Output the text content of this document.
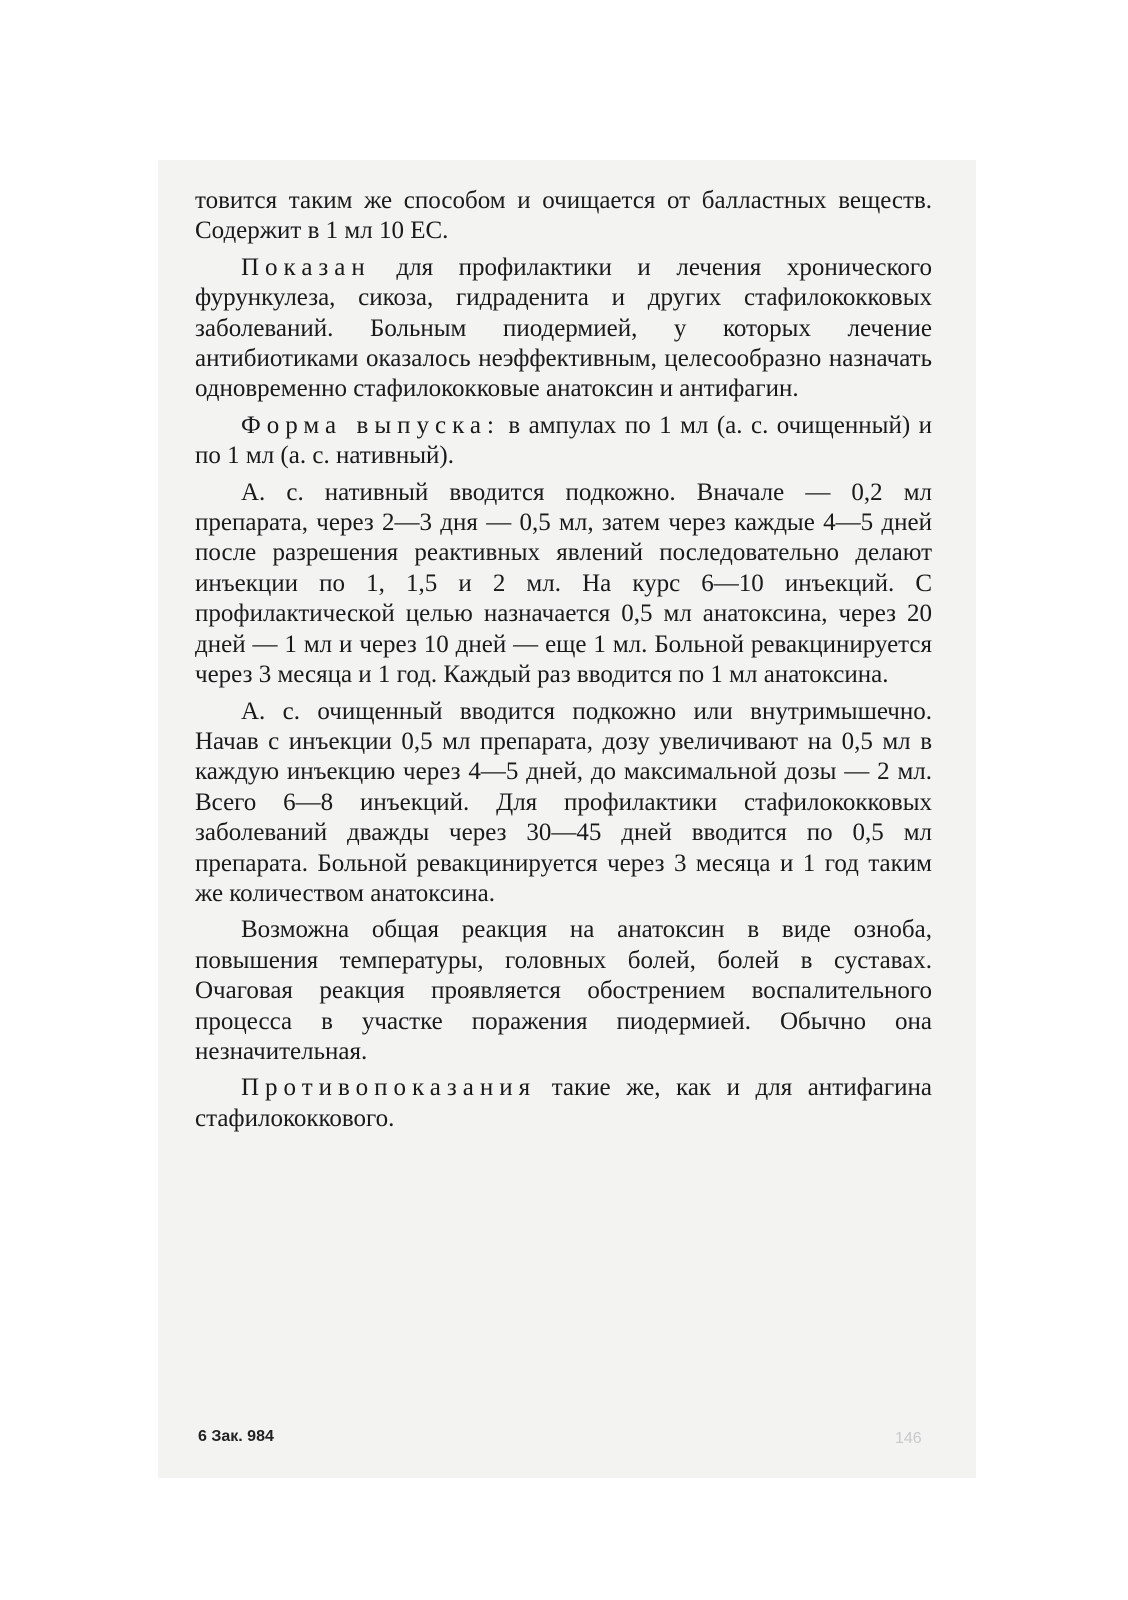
товится таким же способом и очищается от балластных веществ. Содержит в 1 мл 10 ЕС.

Показан для профилактики и лечения хронического фурункулеза, сикоза, гидраденита и других стафилококковых заболеваний. Больным пиодермией, у которых лечение антибиотиками оказалось неэффективным, целесообразно назначать одновременно стафилококковые анатоксин и антифагин.

Форма выпуска: в ампулах по 1 мл (а. с. очищенный) и по 1 мл (а. с. нативный).

А. с. нативный вводится подкожно. Вначале — 0,2 мл препарата, через 2—3 дня — 0,5 мл, затем через каждые 4—5 дней после разрешения реактивных явлений последовательно делают инъекции по 1, 1,5 и 2 мл. На курс 6—10 инъекций. С профилактической целью назначается 0,5 мл анатоксина, через 20 дней — 1 мл и через 10 дней — еще 1 мл. Больной ревакцинируется через 3 месяца и 1 год. Каждый раз вводится по 1 мл анатоксина.

А. с. очищенный вводится подкожно или внутримышечно. Начав с инъекции 0,5 мл препарата, дозу увеличивают на 0,5 мл в каждую инъекцию через 4—5 дней, до максимальной дозы — 2 мл. Всего 6—8 инъекций. Для профилактики стафилококковых заболеваний дважды через 30—45 дней вводится по 0,5 мл препарата. Больной ревакцинируется через 3 месяца и 1 год таким же количеством анатоксина.

Возможна общая реакция на анатоксин в виде озноба, повышения температуры, головных болей, болей в суставах. Очаговая реакция проявляется обострением воспалительного процесса в участке поражения пиодермией. Обычно она незначительная.

Противопоказания такие же, как и для антифагина стафилококкового.

6 Зак. 984	146
